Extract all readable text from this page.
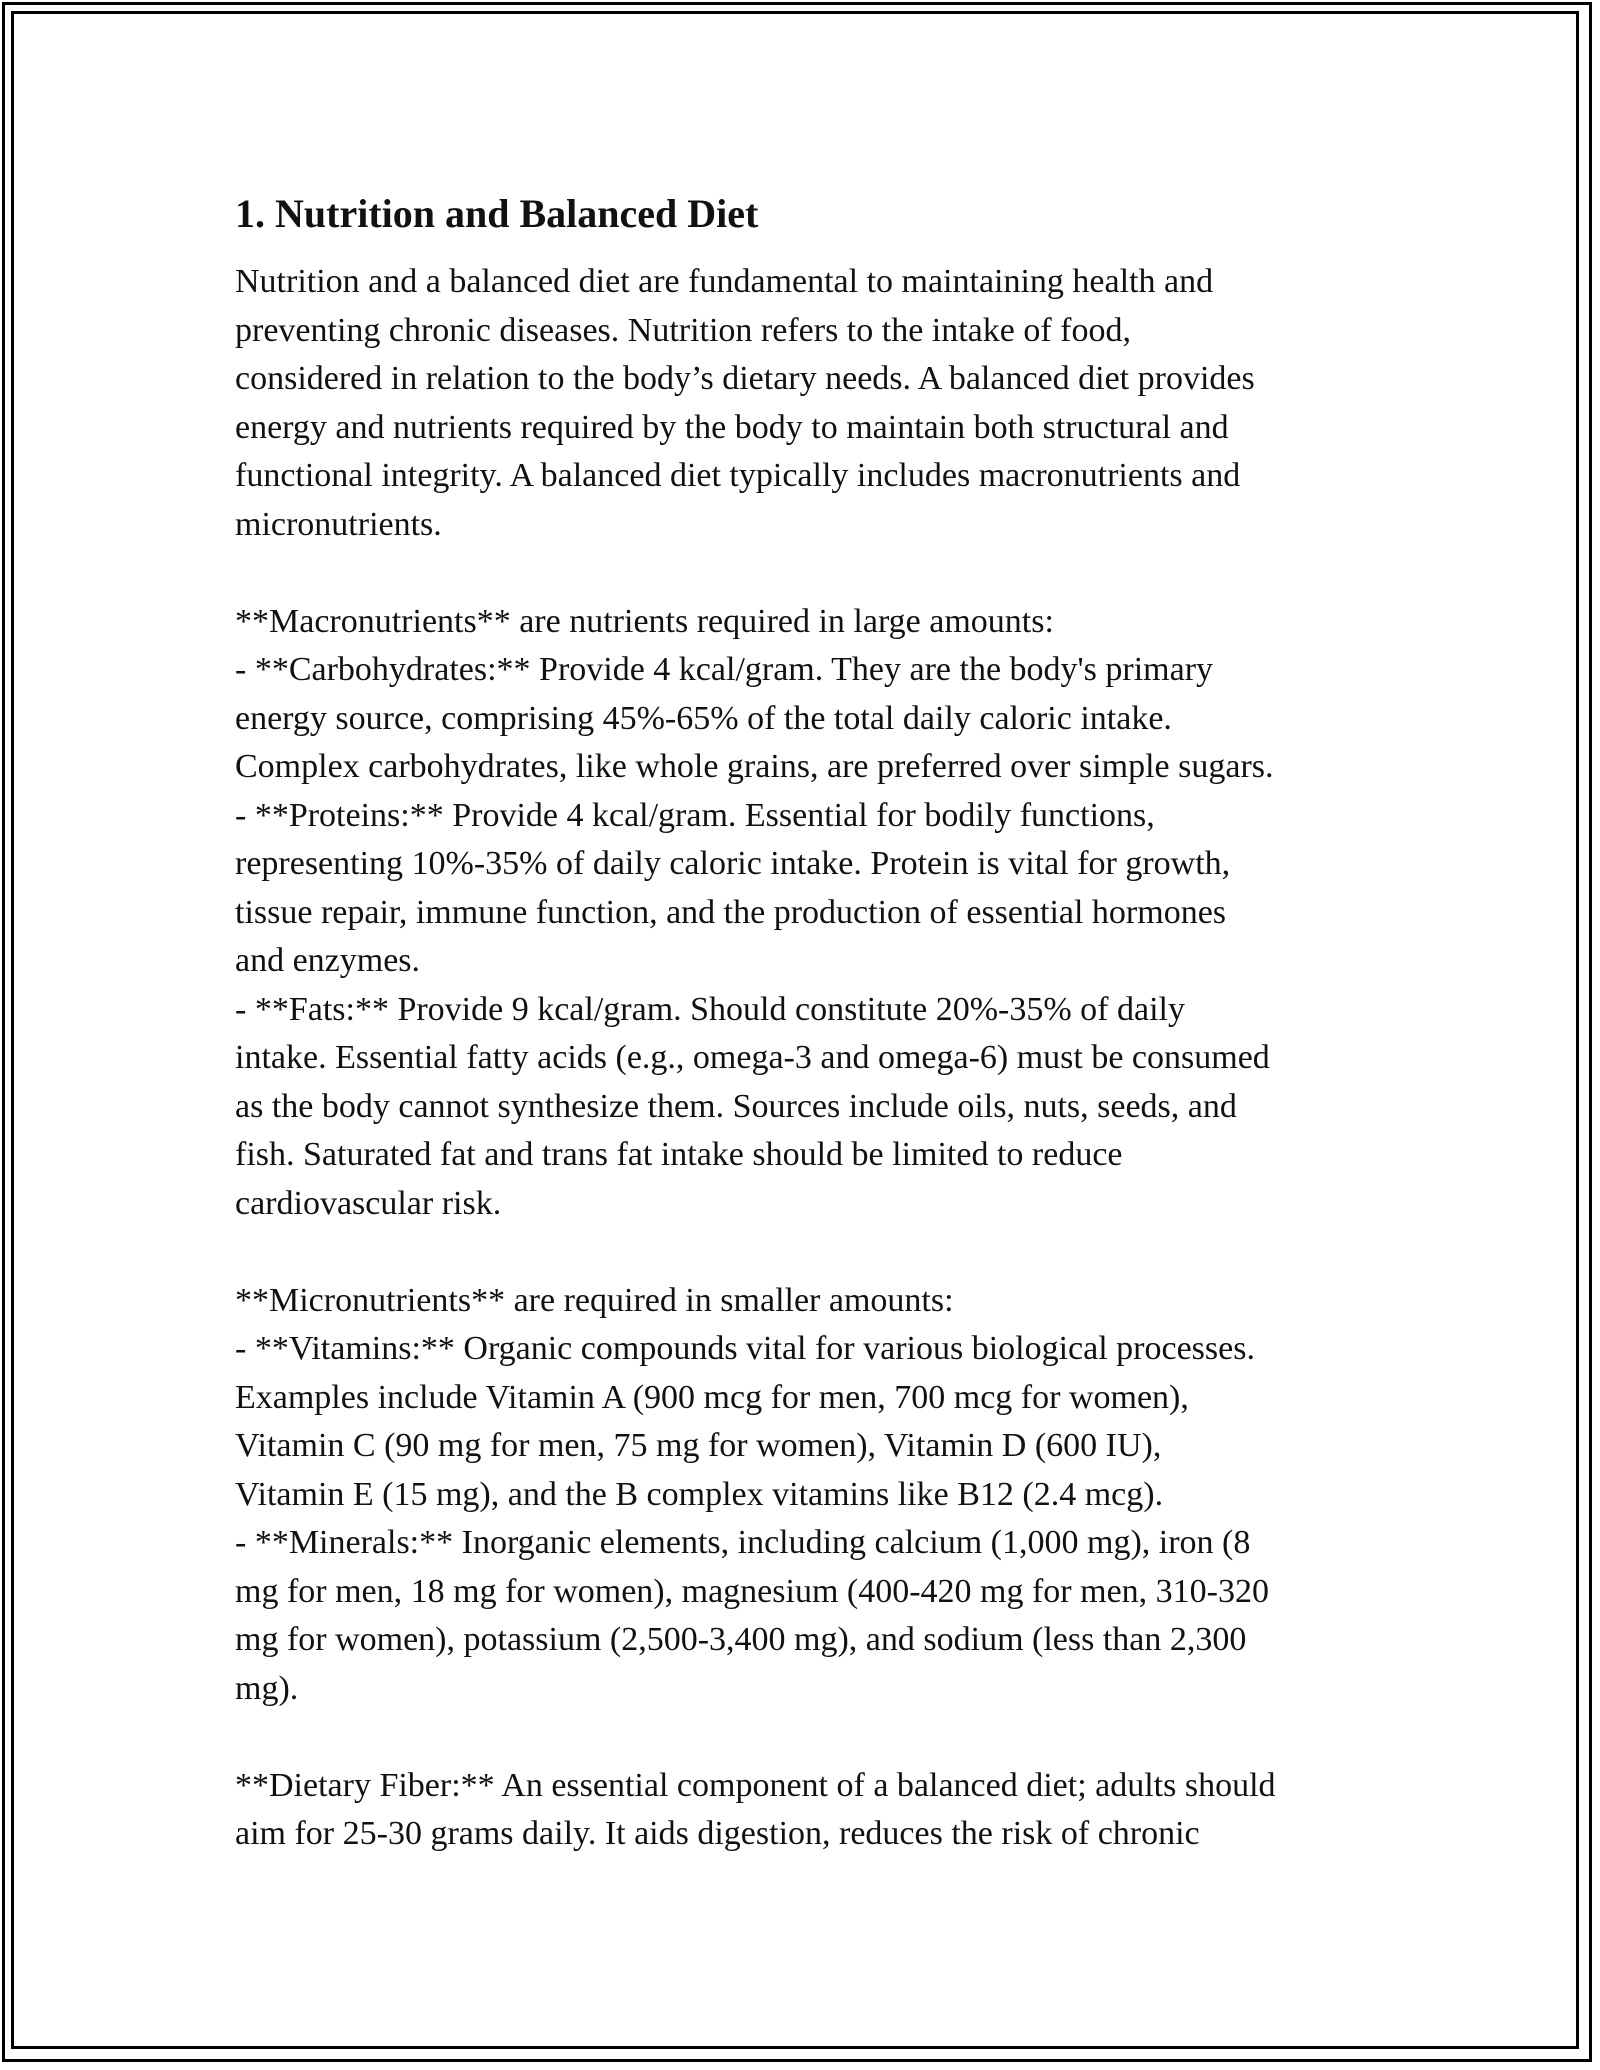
1. Nutrition and Balanced Diet
Nutrition and a balanced diet are fundamental to maintaining health and
preventing chronic diseases. Nutrition refers to the intake of food,
considered in relation to the body’s dietary needs. A balanced diet provides
energy and nutrients required by the body to maintain both structural and
functional integrity. A balanced diet typically includes macronutrients and
micronutrients.
**Macronutrients** are nutrients required in large amounts:
- **Carbohydrates:** Provide 4 kcal/gram. They are the body's primary
energy source, comprising 45%-65% of the total daily caloric intake.
Complex carbohydrates, like whole grains, are preferred over simple sugars.
- **Proteins:** Provide 4 kcal/gram. Essential for bodily functions,
representing 10%-35% of daily caloric intake. Protein is vital for growth,
tissue repair, immune function, and the production of essential hormones
and enzymes.
- **Fats:** Provide 9 kcal/gram. Should constitute 20%-35% of daily
intake. Essential fatty acids (e.g., omega-3 and omega-6) must be consumed
as the body cannot synthesize them. Sources include oils, nuts, seeds, and
fish. Saturated fat and trans fat intake should be limited to reduce
cardiovascular risk.
**Micronutrients** are required in smaller amounts:
- **Vitamins:** Organic compounds vital for various biological processes.
Examples include Vitamin A (900 mcg for men, 700 mcg for women),
Vitamin C (90 mg for men, 75 mg for women), Vitamin D (600 IU),
Vitamin E (15 mg), and the B complex vitamins like B12 (2.4 mcg).
- **Minerals:** Inorganic elements, including calcium (1,000 mg), iron (8
mg for men, 18 mg for women), magnesium (400-420 mg for men, 310-320
mg for women), potassium (2,500-3,400 mg), and sodium (less than 2,300
mg).
**Dietary Fiber:** An essential component of a balanced diet; adults should
aim for 25-30 grams daily. It aids digestion, reduces the risk of chronic
